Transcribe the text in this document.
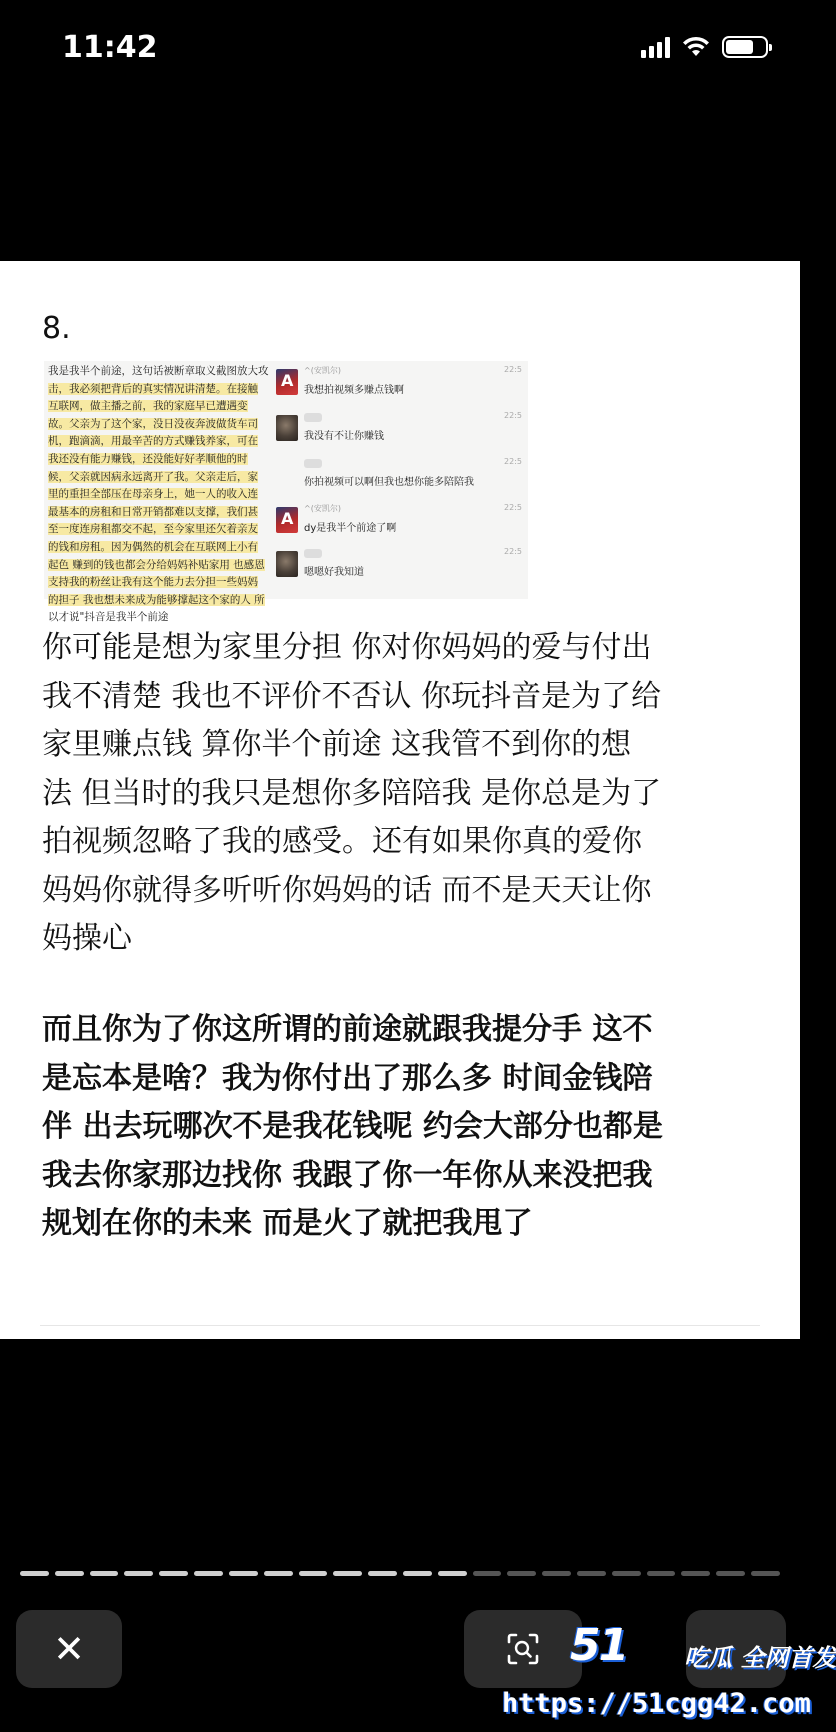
11:42
8.
我是我半个前途，这句话被断章取义截图放大攻
击，我必须把背后的真实情况讲清楚。在接触
互联网，做主播之前，我的家庭早已遭遇变
故。父亲为了这个家，没日没夜奔波做货车司
机，跑滴滴，用最辛苦的方式赚钱养家，可在
我还没有能力赚钱，还没能好好孝顺他的时
候，父亲就因病永远离开了我。父亲走后，家
里的重担全部压在母亲身上，她一人的收入连
最基本的房租和日常开销都难以支撑，我们甚
至一度连房租都交不起，至今家里还欠着亲友
的钱和房租。因为偶然的机会在互联网上小有
起色 赚到的钱也都会分给妈妈补贴家用 也感恩
支持我的粉丝让我有这个能力去分担一些妈妈
的担子 我也想未来成为能够撑起这个家的人 所
以才说"抖音是我半个前途
A
^(安凯尔)	22:5
我想拍视频多赚点钱啊
22:5
我没有不让你赚钱
22:5
你拍视频可以啊但我也想你能多陪陪我
A
^(安凯尔)	22:5
dy是我半个前途了啊
22:5
嗯嗯好我知道
你可能是想为家里分担 你对你妈妈的爱与付出
我不清楚 我也不评价不否认 你玩抖音是为了给
家里赚点钱 算你半个前途 这我管不到你的想
法 但当时的我只是想你多陪陪我 是你总是为了
拍视频忽略了我的感受。还有如果你真的爱你
妈妈你就得多听听你妈妈的话 而不是天天让你
妈操心
而且你为了你这所谓的前途就跟我提分手 这不
是忘本是啥？我为你付出了那么多 时间金钱陪
伴 出去玩哪次不是我花钱呢 约会大部分也都是
我去你家那边找你 我跟了你一年你从来没把我
规划在你的未来 而是火了就把我甩了
✕	51 吃瓜 全网首发
https://51cgg42.com
